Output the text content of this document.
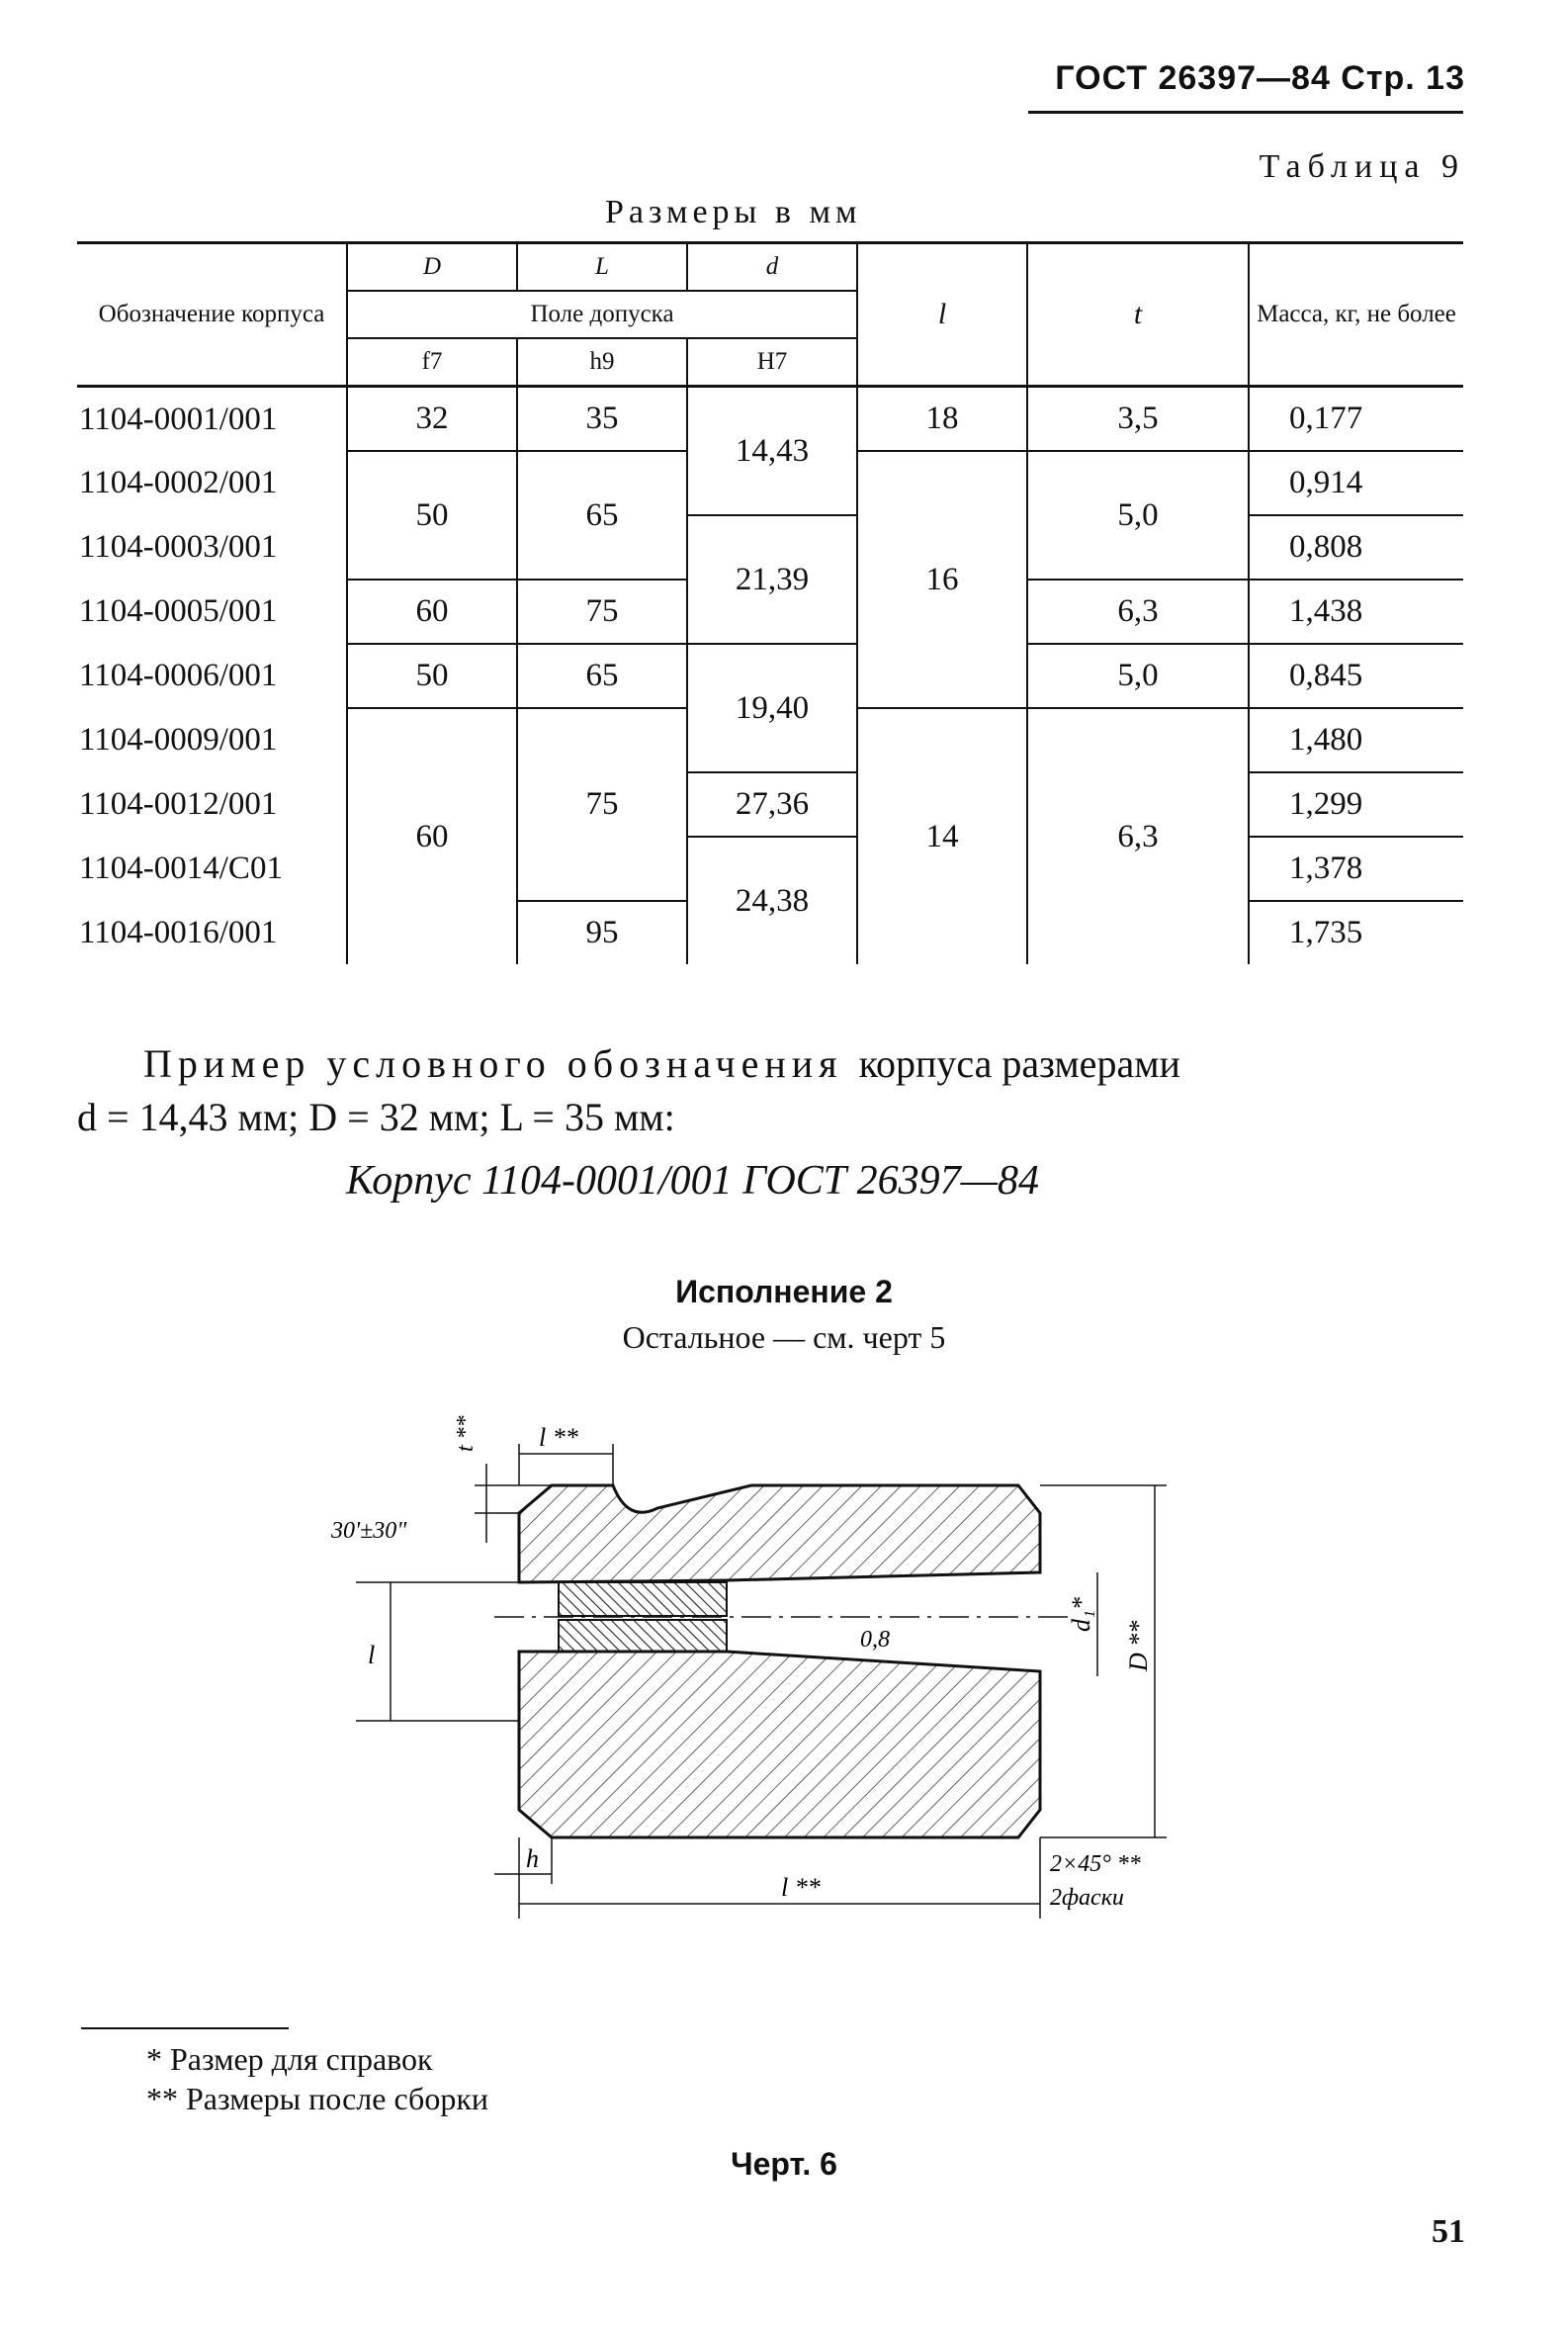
ГОСТ 26397—84 Стр. 13
Таблица 9
Размеры в мм
Обозначение корпуса	D	L	d	l	t	Масса, кг, не более
	Поле допуска					
	f7	h9	H7			
1104-0001/001	32	35	14,43	18	3,5	0,177
1104-0002/001	50	65		16	5,0	0,914
1104-0003/001			21,39			0,808
1104-0005/001	60	75			6,3	1,438
1104-0006/001	50	65	19,40		5,0	0,845
1104-0009/001	60	75		14	6,3	1,480
1104-0012/001			27,36			1,299
1104-0014/C01			24,38			1,378
1104-0016/001		95				1,735
Пример условного обозначения корпуса размерами
d = 14,43 мм; D = 32 мм; L = 35 мм:
Корпус 1104-0001/001 ГОСТ 26397—84
Исполнение 2
Остальное — см. черт 5
l **
t **
30'±30"
l	D **
d₁*
0,8
h
l **
2×45° **
2фаски
* Размер для справок
** Размеры после сборки
Черт. 6
51
